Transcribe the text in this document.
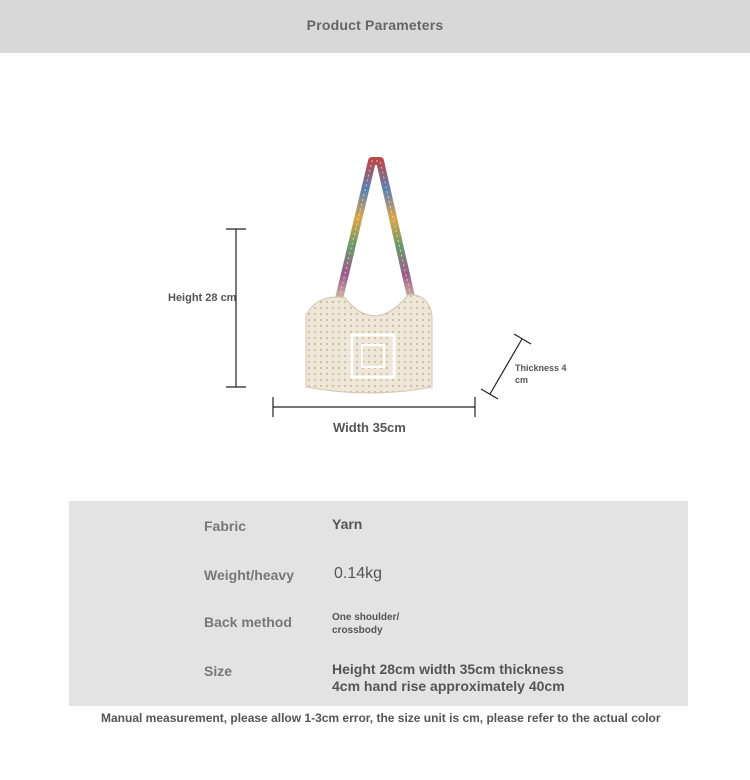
Product Parameters
Height 28 cm
Thickness 4 cm
Width 35cm
Fabric	Yarn
Weight/heavy	0.14kg
Back method	One shoulder/ crossbody
Size	Height 28cm width 35cm thickness 4cm hand rise approximately 40cm
Manual measurement, please allow 1-3cm error, the size unit is cm, please refer to the actual color
